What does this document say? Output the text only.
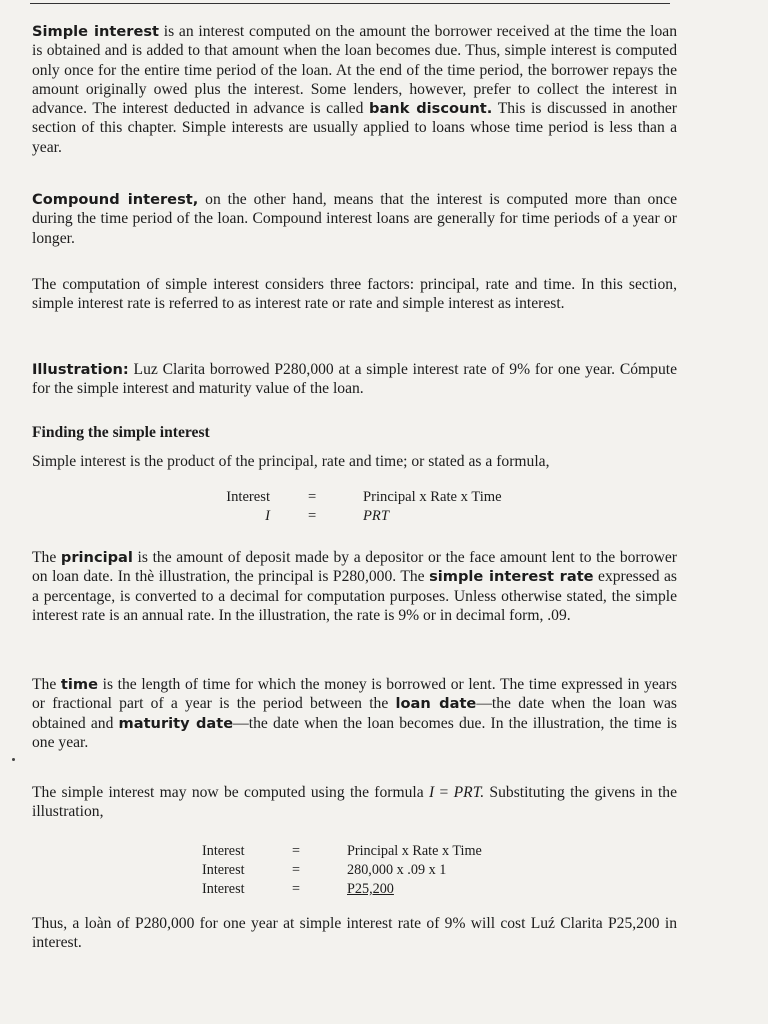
Simple interest is an interest computed on the amount the borrower received at the time the loan is obtained and is added to that amount when the loan becomes due. Thus, simple interest is computed only once for the entire time period of the loan. At the end of the time period, the borrower repays the amount originally owed plus the interest. Some lenders, however, prefer to collect the interest in advance. The interest deducted in advance is called bank discount. This is discussed in another section of this chapter. Simple interests are usually applied to loans whose time period is less than a year.

Compound interest, on the other hand, means that the interest is computed more than once during the time period of the loan. Compound interest loans are generally for time periods of a year or longer.

The computation of simple interest considers three factors: principal, rate and time. In this section, simple interest rate is referred to as interest rate or rate and simple interest as interest.

Illustration: Luz Clarita borrowed P280,000 at a simple interest rate of 9% for one year. Cómpute for the simple interest and maturity value of the loan.

Finding the simple interest

Simple interest is the product of the principal, rate and time; or stated as a formula,

Interest	=	Principal x Rate x Time
I	=	PRT

The principal is the amount of deposit made by a depositor or the face amount lent to the borrower on loan date. In thè illustration, the principal is P280,000. The simple interest rate expressed as a percentage, is converted to a decimal for computation purposes. Unless otherwise stated, the simple interest rate is an annual rate. In the illustration, the rate is 9% or in decimal form, .09.

The time is the length of time for which the money is borrowed or lent. The time expressed in years or fractional part of a year is the period between the loan date—the date when the loan was obtained and maturity date—the date when the loan becomes due. In the illustration, the time is one year.

The simple interest may now be computed using the formula I = PRT. Substituting the givens in the illustration,

Interest	=	Principal x Rate x Time
Interest	=	280,000 x .09 x 1
Interest	=	P25,200

Thus, a loàn of P280,000 for one year at simple interest rate of 9% will cost Luź Clarita P25,200 in interest.
